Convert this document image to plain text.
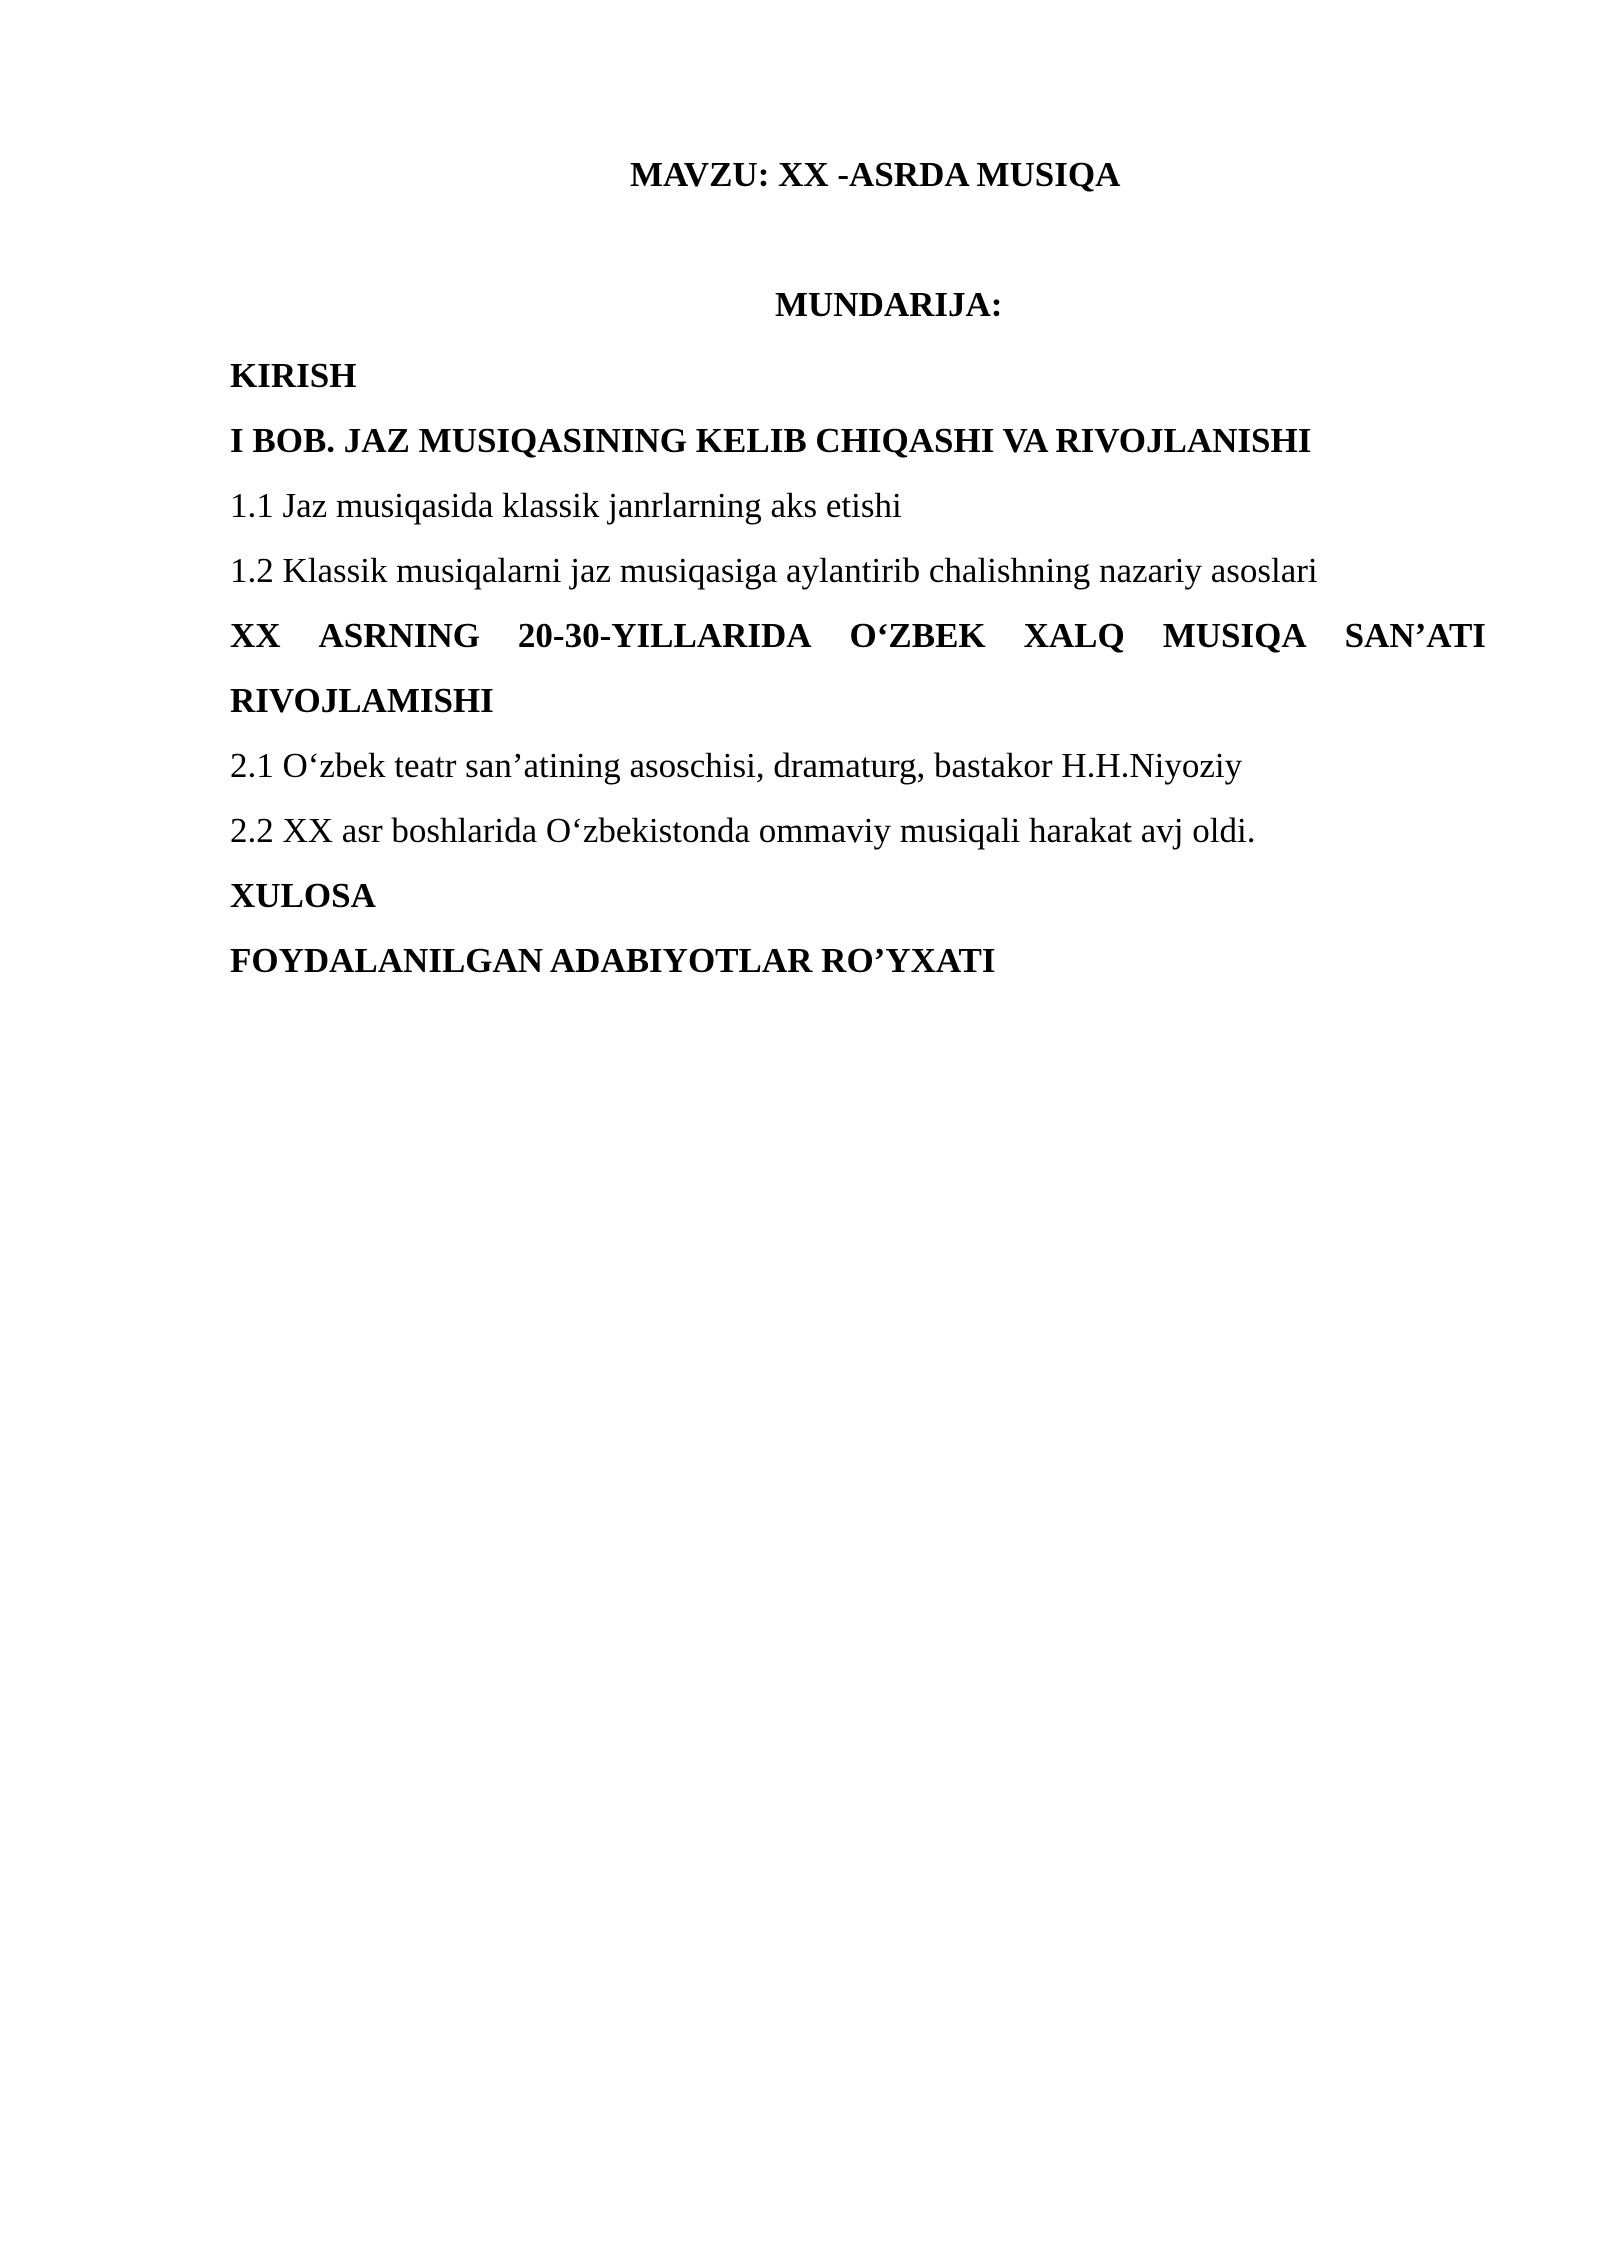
MAVZU: XX -ASRDA MUSIQA
MUNDARIJA:
KIRISH
I BOB. JAZ MUSIQASINING KELIB CHIQASHI VA RIVOJLANISHI
1.1 Jaz musiqasida klassik janrlarning aks etishi
1.2 Klassik musiqalarni jaz musiqasiga aylantirib chalishning nazariy asoslari
XX ASRNING 20-30-YILLARIDA O‘ZBEK XALQ MUSIQA SAN’ATI
RIVOJLAMISHI
2.1 O‘zbek teatr san’atining asoschisi, dramaturg, bastakor H.H.Niyoziy
2.2 XX asr boshlarida O‘zbekistonda ommaviy musiqali harakat avj oldi.
XULOSA
FOYDALANILGAN ADABIYOTLAR RO’YXATI
